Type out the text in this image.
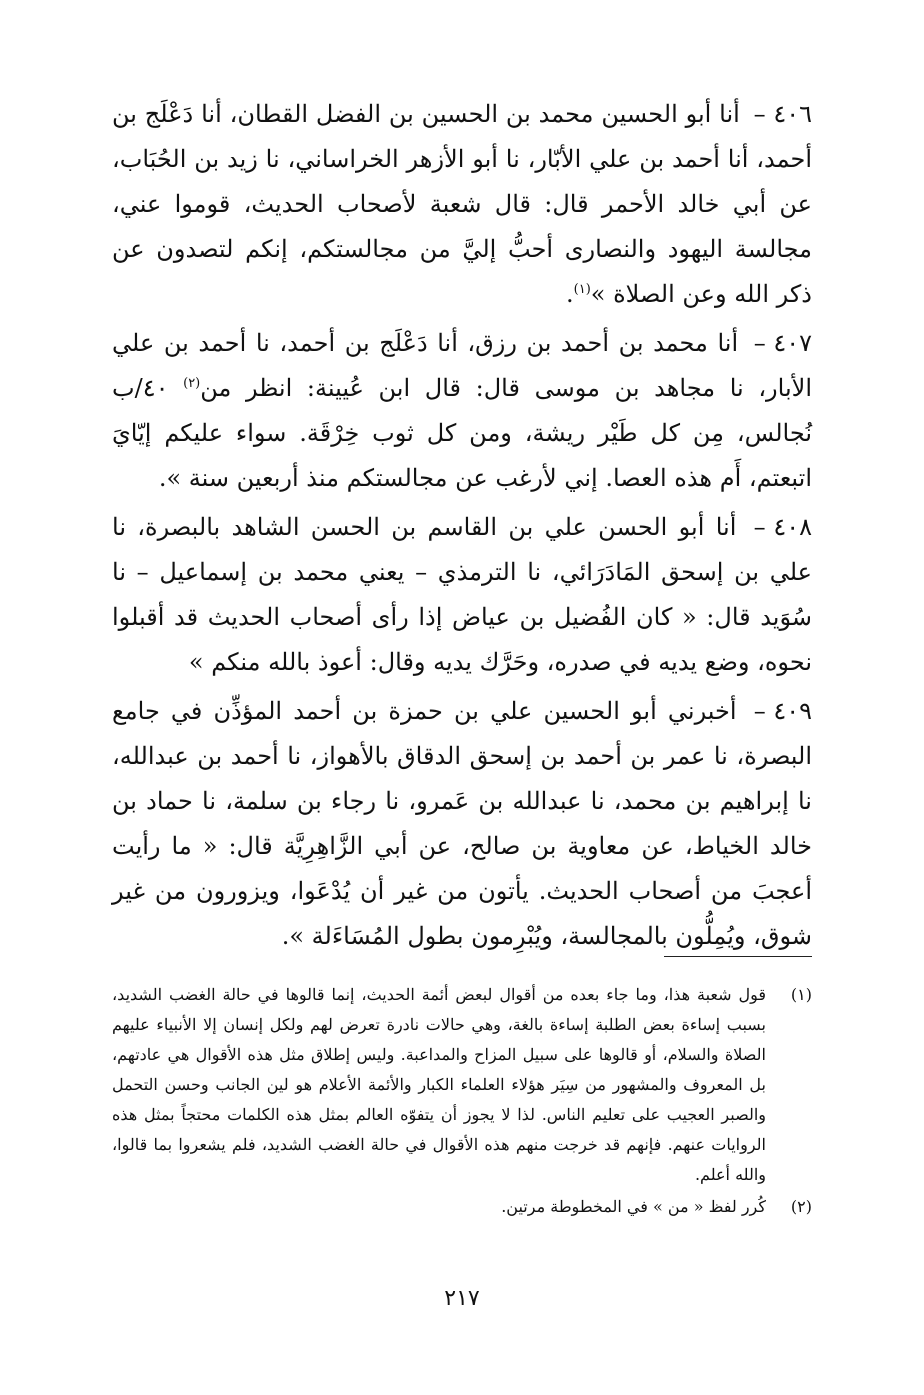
٤٠٦ – أنا أبو الحسين محمد بن الحسين بن الفضل القطان، أنا دَعْلَج بن أحمد، أنا أحمد بن علي الأبّار، نا أبو الأزهر الخراساني، نا زيد بن الحُبَاب، عن أبي خالد الأحمر قال: قال شعبة لأصحاب الحديث، قوموا عني، مجالسة اليهود والنصارى أحبُّ إليَّ من مجالستكم، إنكم لتصدون عن ذكر الله وعن الصلاة »$^{(١)}$.

٤٠٧ – أنا محمد بن أحمد بن رزق، أنا دَعْلَج بن أحمد، نا أحمد بن علي الأبار، نا مجاهد بن موسى قال: قال ابن عُيينة: انظر من$^{(٢)}$ ٤٠/ب نُجالس، مِن كل طَيْر ريشة، ومن كل ثوب خِرْقَة. سواء عليكم إيّايَ اتبعتم، أَم هذه العصا. إني لأرغب عن مجالستكم منذ أربعين سنة ».

٤٠٨ – أنا أبو الحسن علي بن القاسم بن الحسن الشاهد بالبصرة، نا علي بن إسحق المَادَرَائي، نا الترمذي – يعني محمد بن إسماعيل – نا سُوَيد قال: « كان الفُضيل بن عياض إذا رأى أصحاب الحديث قد أقبلوا نحوه، وضع يديه في صدره، وحَرَّك يديه وقال: أعوذ بالله منكم »

٤٠٩ – أخبرني أبو الحسين علي بن حمزة بن أحمد المؤذِّن في جامع البصرة، نا عمر بن أحمد بن إسحق الدقاق بالأهواز، نا أحمد بن عبدالله، نا إبراهيم بن محمد، نا عبدالله بن عَمرو، نا رجاء بن سلمة، نا حماد بن خالد الخياط، عن معاوية بن صالح، عن أبي الزَّاهِرِيَّة قال: « ما رأيت أعجبَ من أصحاب الحديث. يأتون من غير أن يُدْعَوا، ويزورون من غير شوق، ويُمِلُّون بالمجالسة، ويُبْرِمون بطول المُسَاءَلة ».

(١)
قول شعبة هذا، وما جاء بعده من أقوال لبعض أئمة الحديث، إنما قالوها في حالة الغضب الشديد، بسبب إساءة بعض الطلبة إساءة بالغة، وهي حالات نادرة تعرض لهم ولكل إنسان إلا الأنبياء عليهم الصلاة والسلام، أو قالوها على سبيل المزاح والمداعبة. وليس إطلاق مثل هذه الأقوال هي عادتهم، بل المعروف والمشهور من سِيَر هؤلاء العلماء الكبار والأئمة الأعلام هو لين الجانب وحسن التحمل والصبر العجيب على تعليم الناس. لذا لا يجوز أن يتفوّه العالم بمثل هذه الكلمات محتجاً بمثل هذه الروايات عنهم. فإنهم قد خرجت منهم هذه الأقوال في حالة الغضب الشديد، فلم يشعروا بما قالوا، والله أعلم.
(٢)
كُرر لفظ « من » في المخطوطة مرتين.
٢١٧
